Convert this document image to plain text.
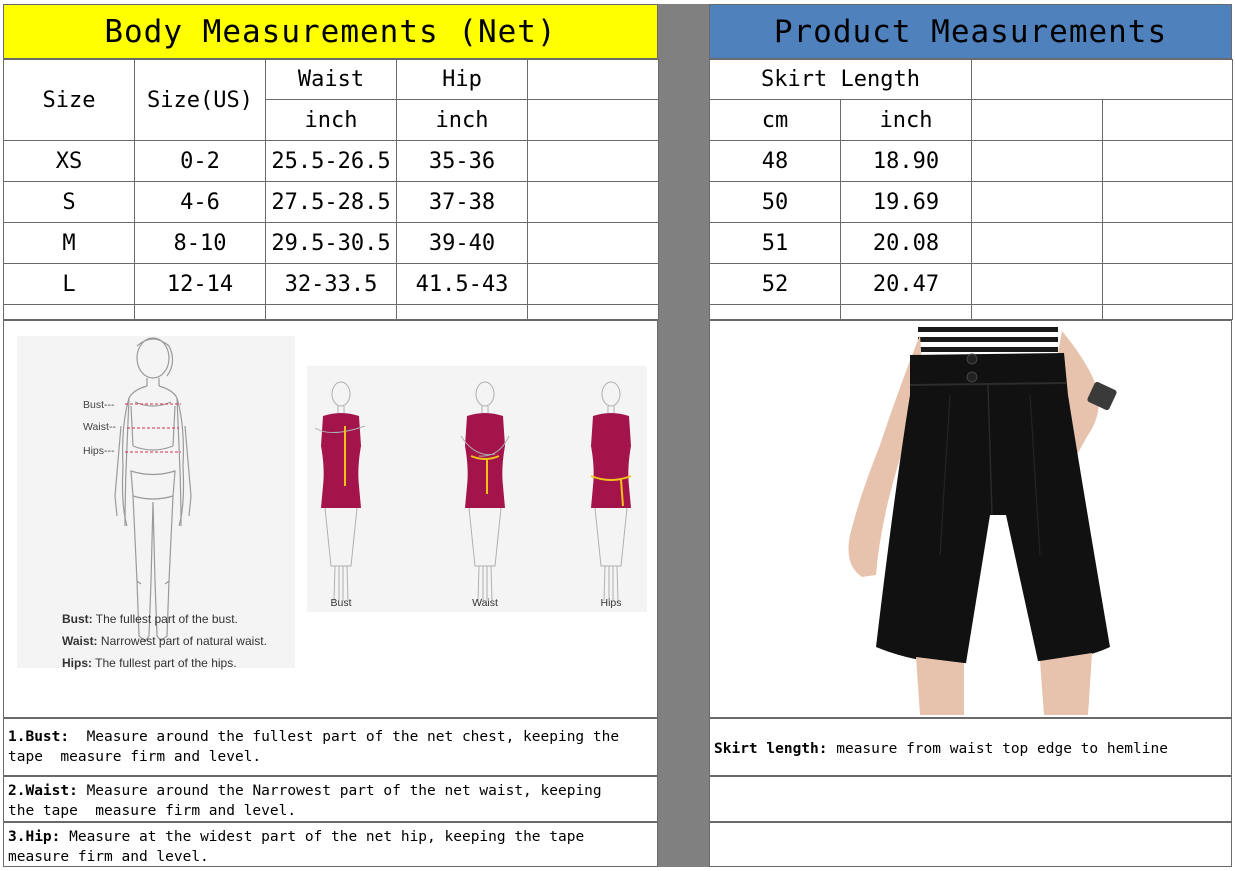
Body Measurements (Net)	Product Measurements
Size	Size(US)	Waist	Hip	
		inch	inch	
XS	0-2	25.5-26.5	35-36	
S	4-6	27.5-28.5	37-38	
M	8-10	29.5-30.5	39-40	
L	12-14	32-33.5	41.5-43	

Skirt Length			
cm	inch		
48	18.90		
50	19.69		
51	20.08		
52	20.47		

Bust---
Waist--
Hips---
Bust: The fullest part of the bust.
Waist: Narrowest part of natural waist.
Hips: The fullest part of the hips.
Bust	Waist	Hips
1.Bust:  Measure around the fullest part of the net chest, keeping the
tape  measure firm and level.
2.Waist: Measure around the Narrowest part of the net waist, keeping
the tape  measure firm and level.
3.Hip: Measure at the widest part of the net hip, keeping the tape
measure firm and level.
Skirt length: measure from waist top edge to hemline
